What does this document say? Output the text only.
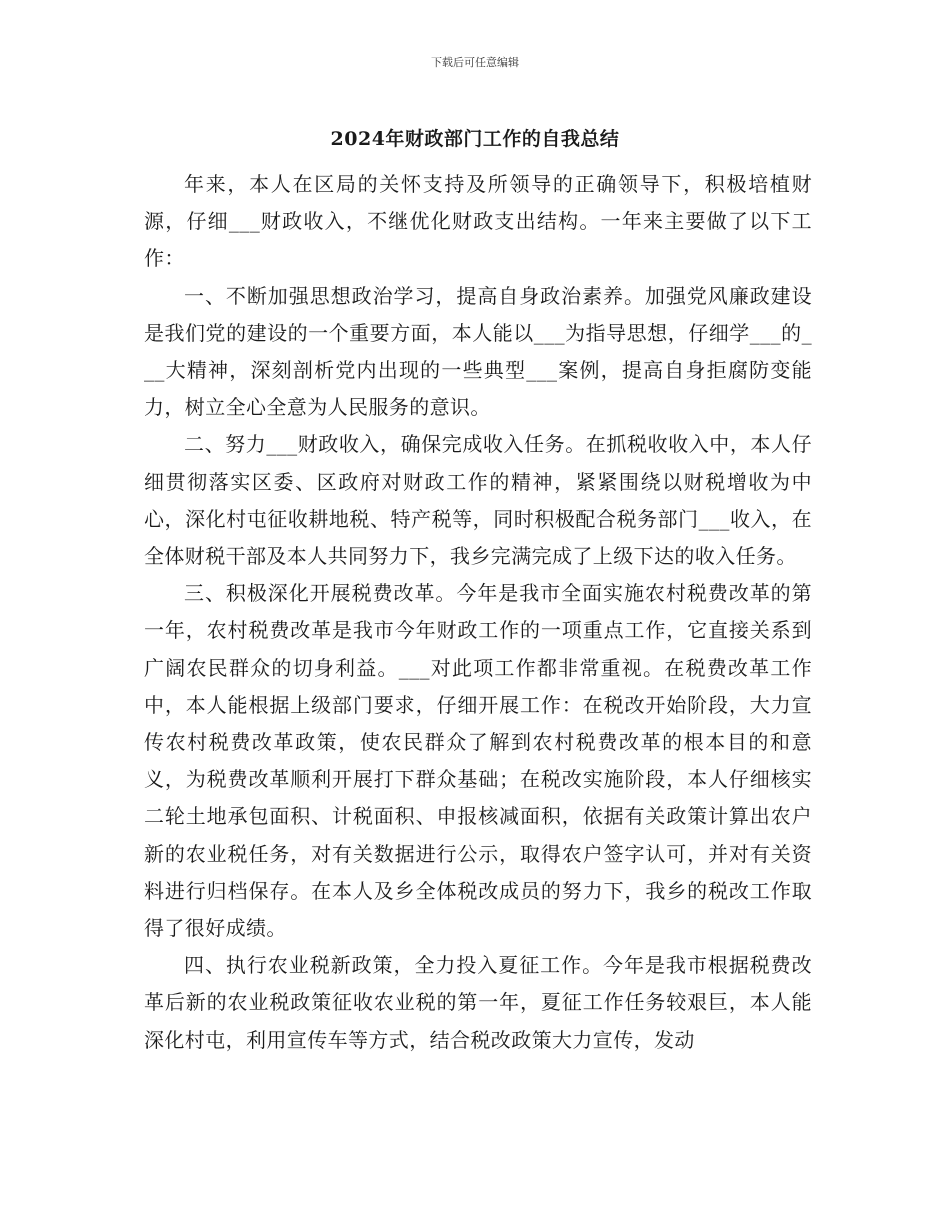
下载后可任意编辑
2024年财政部门工作的自我总结

年来，本人在区局的关怀支持及所领导的正确领导下，积极培植财源，仔细___财政收入，不继优化财政支出结构。一年来主要做了以下工作：

一、不断加强思想政治学习，提高自身政治素养。加强党风廉政建设是我们党的建设的一个重要方面，本人能以___为指导思想，仔细学___的___大精神，深刻剖析党内出现的一些典型___案例，提高自身拒腐防变能力，树立全心全意为人民服务的意识。

二、努力___财政收入，确保完成收入任务。在抓税收收入中，本人仔细贯彻落实区委、区政府对财政工作的精神，紧紧围绕以财税增收为中心，深化村屯征收耕地税、特产税等，同时积极配合税务部门___收入，在全体财税干部及本人共同努力下，我乡完满完成了上级下达的收入任务。

三、积极深化开展税费改革。今年是我市全面实施农村税费改革的第一年，农村税费改革是我市今年财政工作的一项重点工作，它直接关系到广阔农民群众的切身利益。___对此项工作都非常重视。在税费改革工作中，本人能根据上级部门要求，仔细开展工作：在税改开始阶段，大力宣传农村税费改革政策，使农民群众了解到农村税费改革的根本目的和意义，为税费改革顺利开展打下群众基础；在税改实施阶段，本人仔细核实二轮土地承包面积、计税面积、申报核减面积，依据有关政策计算出农户新的农业税任务，对有关数据进行公示，取得农户签字认可，并对有关资料进行归档保存。在本人及乡全体税改成员的努力下，我乡的税改工作取得了很好成绩。

四、执行农业税新政策，全力投入夏征工作。今年是我市根据税费改革后新的农业税政策征收农业税的第一年，夏征工作任务较艰巨，本人能深化村屯，利用宣传车等方式，结合税改政策大力宣传，发动
